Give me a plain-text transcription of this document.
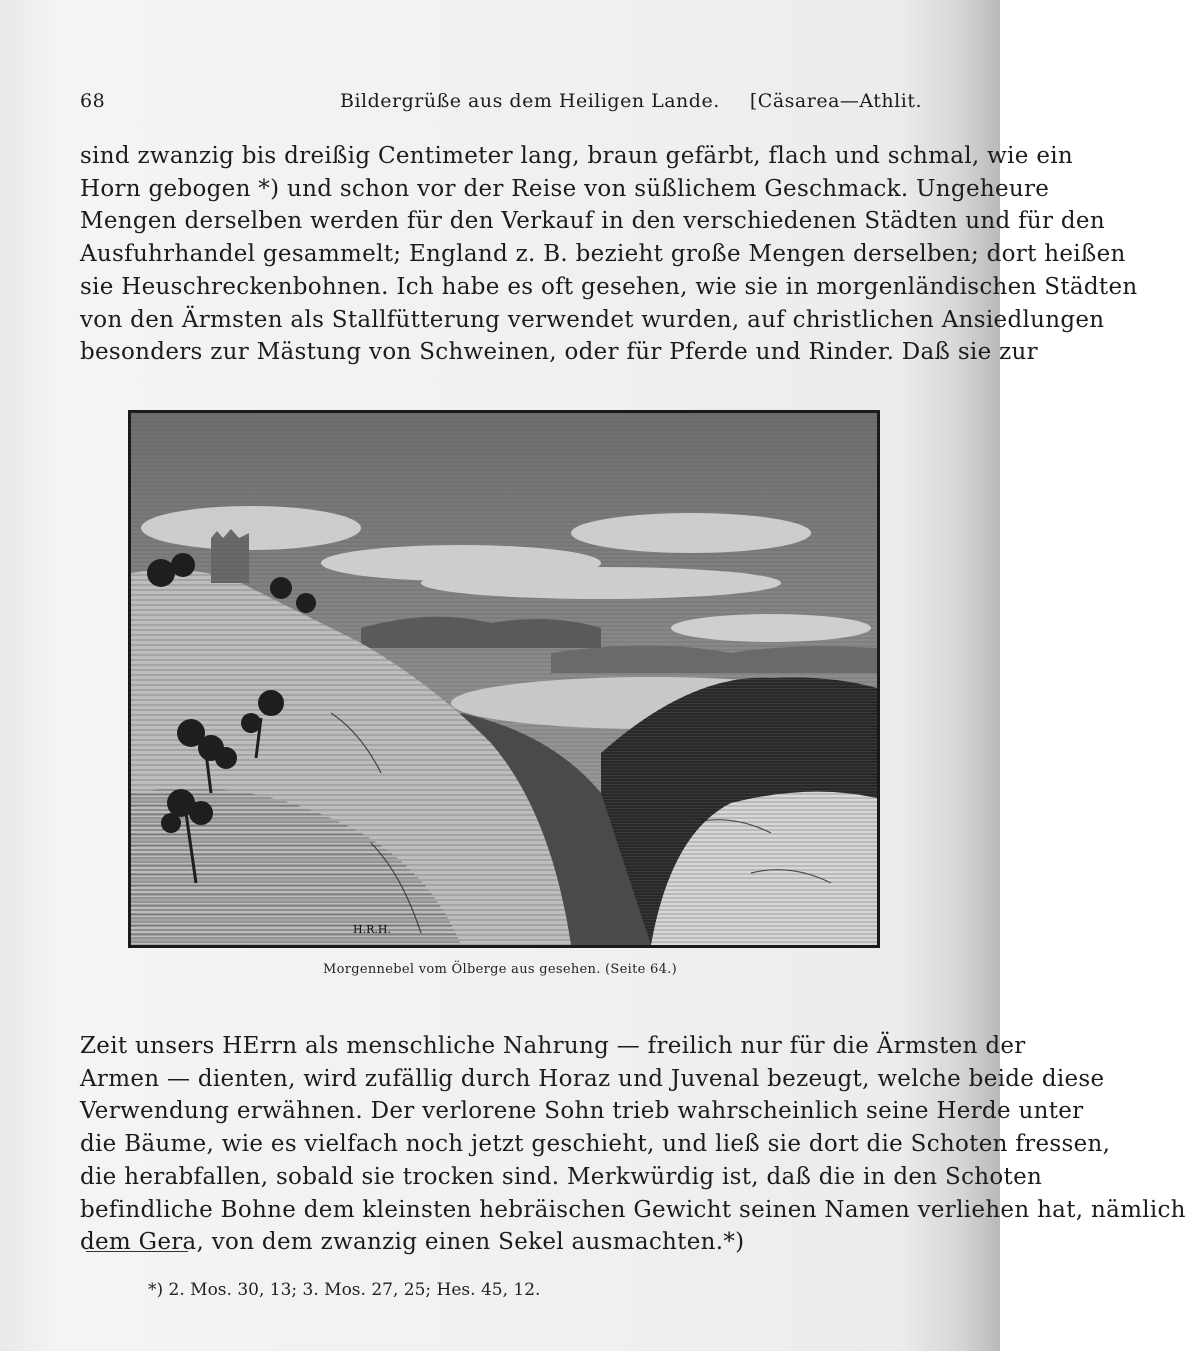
68	Bildergrüße aus dem Heiligen Lande. [Cäsarea—Athlit.
sind zwanzig bis dreißig Centimeter lang, braun gefärbt, flach und schmal, wie ein
Horn gebogen *) und schon vor der Reise von süßlichem Geschmack. Ungeheure
Mengen derselben werden für den Verkauf in den verschiedenen Städten und für den
Ausfuhrhandel gesammelt; England z. B. bezieht große Mengen derselben; dort heißen
sie Heuschreckenbohnen. Ich habe es oft gesehen, wie sie in morgenländischen Städten
von den Ärmsten als Stallfütterung verwendet wurden, auf christlichen Ansiedlungen
besonders zur Mästung von Schweinen, oder für Pferde und Rinder. Daß sie zur
H.R.H.
Morgennebel vom Ölberge aus gesehen. (Seite 64.)
Zeit unsers HErrn als menschliche Nahrung — freilich nur für die Ärmsten der
Armen — dienten, wird zufällig durch Horaz und Juvenal bezeugt, welche beide diese
Verwendung erwähnen. Der verlorene Sohn trieb wahrscheinlich seine Herde unter
die Bäume, wie es vielfach noch jetzt geschieht, und ließ sie dort die Schoten fressen,
die herabfallen, sobald sie trocken sind. Merkwürdig ist, daß die in den Schoten
befindliche Bohne dem kleinsten hebräischen Gewicht seinen Namen verliehen hat, nämlich
dem Gera, von dem zwanzig einen Sekel ausmachten.*)
*) 2. Mos. 30, 13; 3. Mos. 27, 25; Hes. 45, 12.
